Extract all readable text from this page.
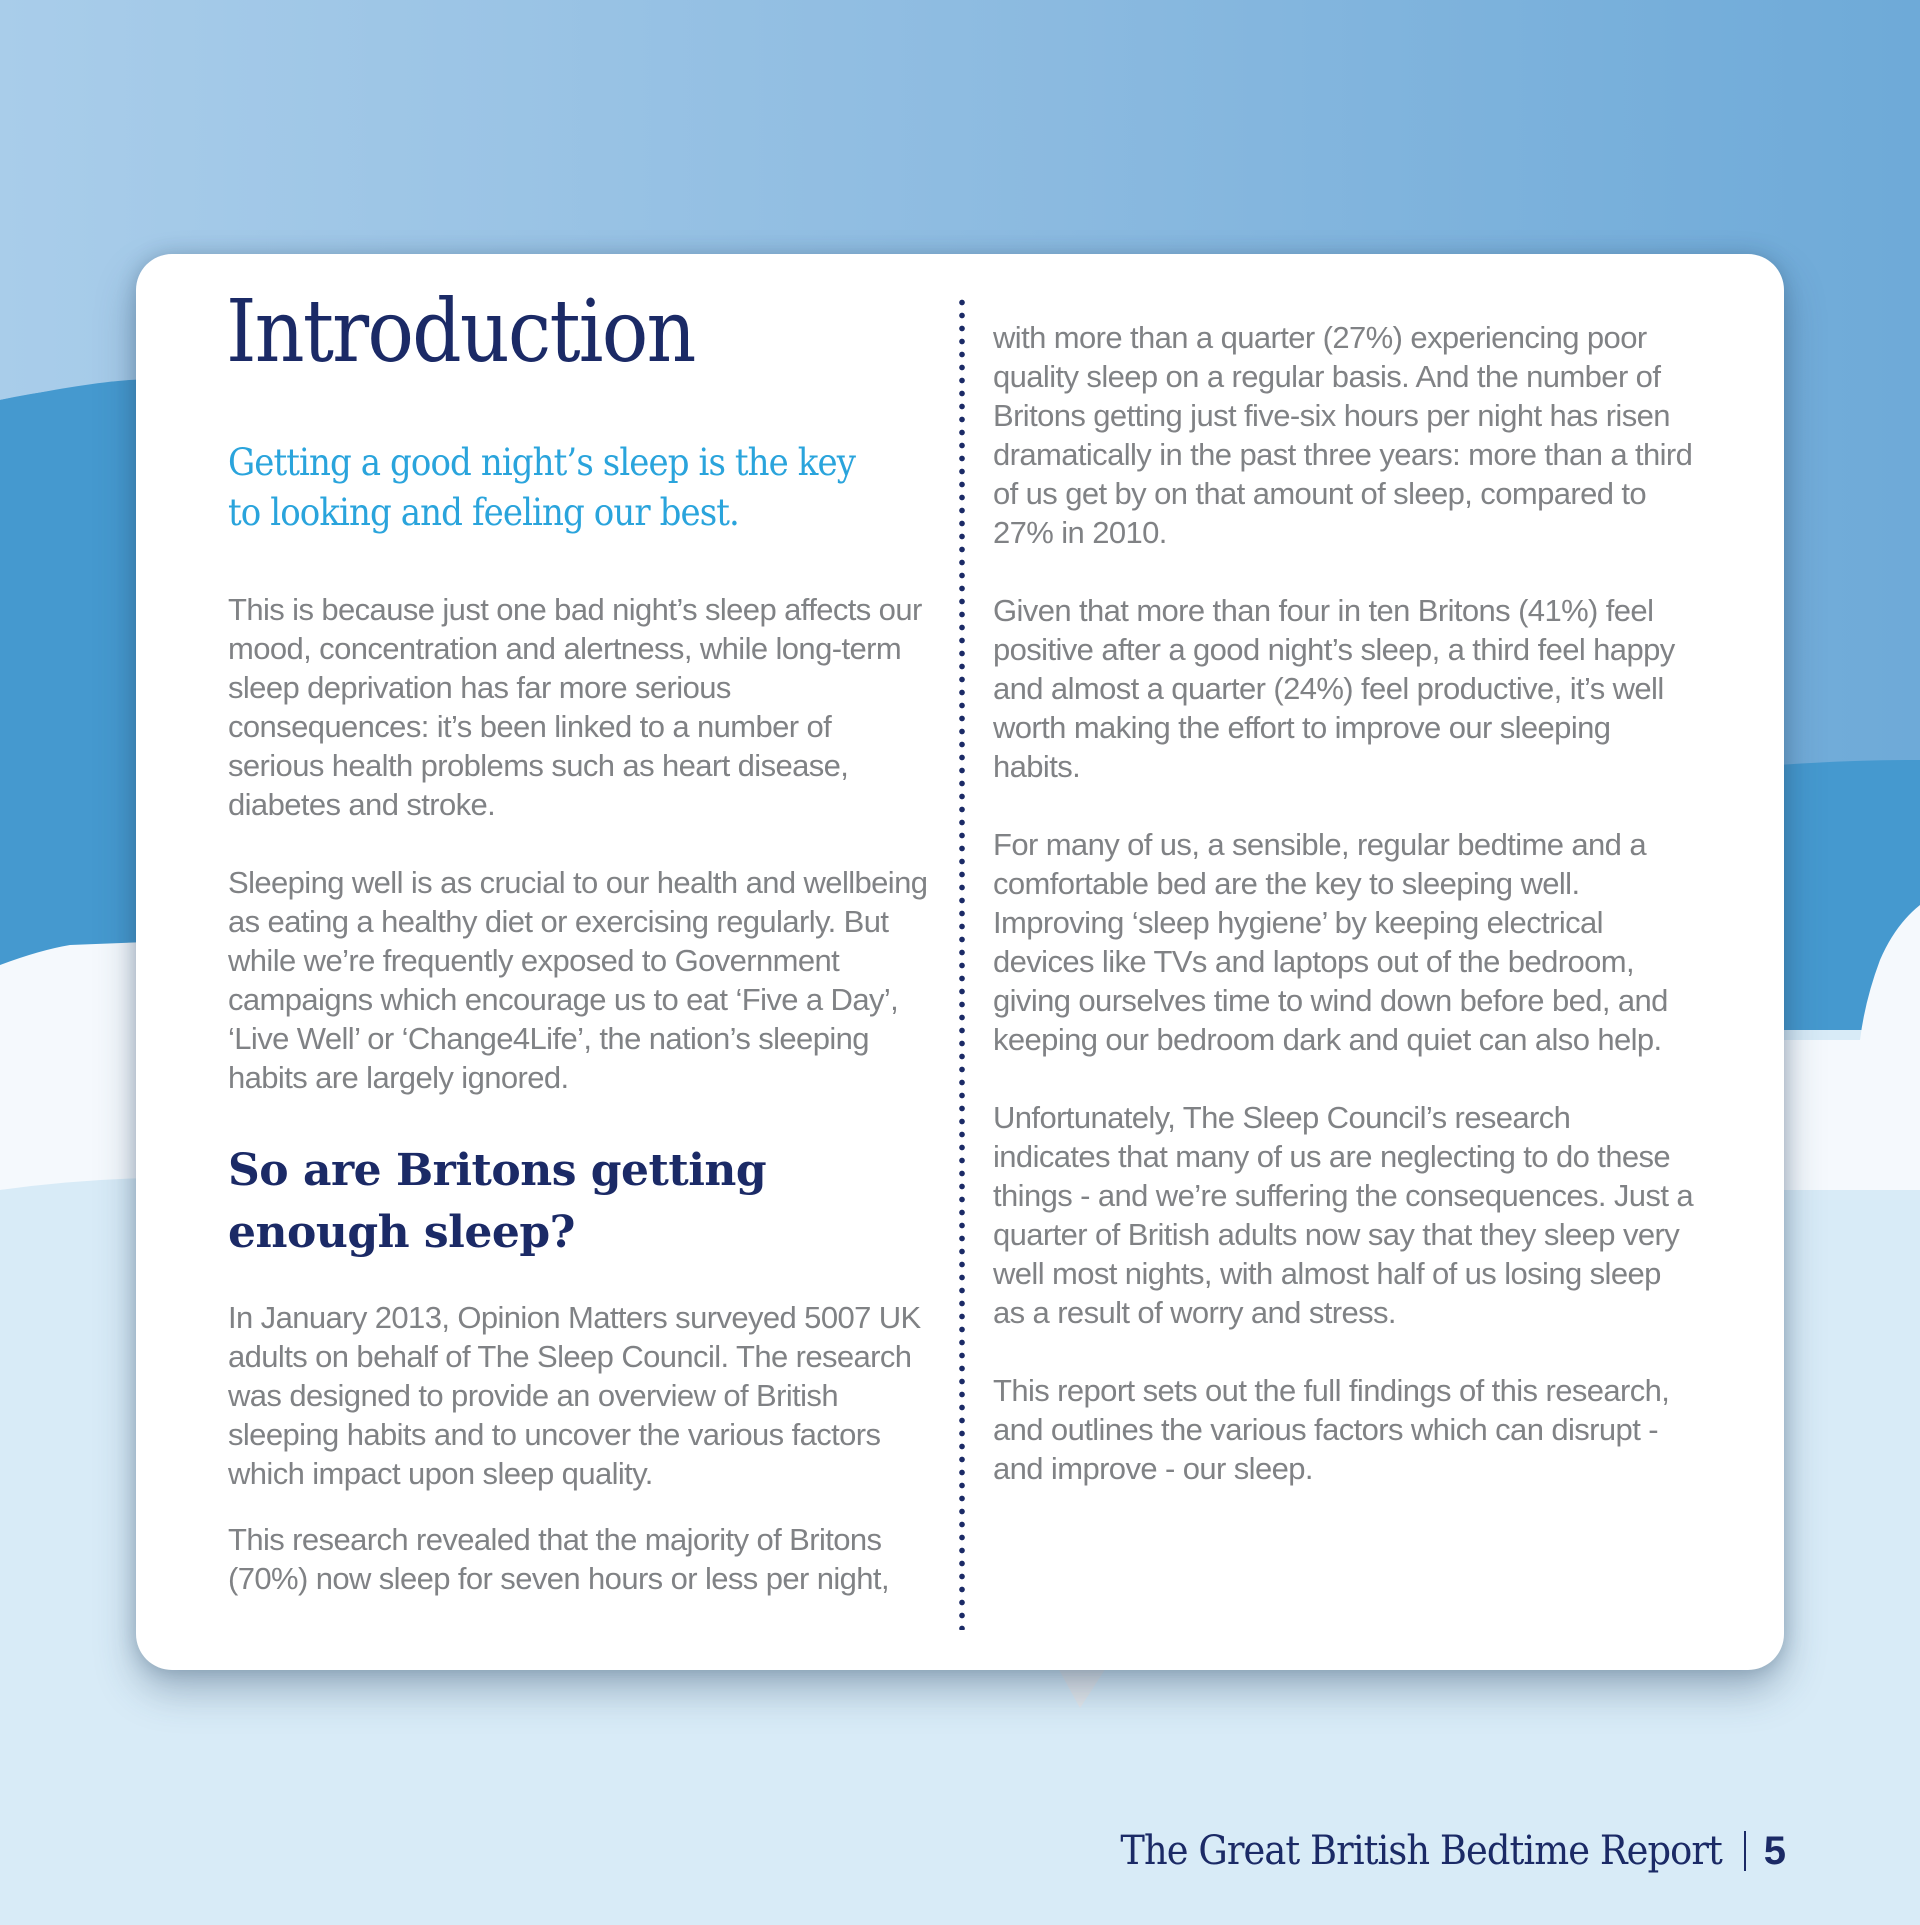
Introduction

Getting a good night’s sleep is the key to looking and feeling our best.

This is because just one bad night’s sleep affects our mood, concentration and alertness, while long-term sleep deprivation has far more serious consequences: it’s been linked to a number of serious health problems such as heart disease, diabetes and stroke.

Sleeping well is as crucial to our health and wellbeing as eating a healthy diet or exercising regularly. But while we’re frequently exposed to Government campaigns which encourage us to eat ‘Five a Day’, ‘Live Well’ or ‘Change4Life’, the nation’s sleeping habits are largely ignored.

So are Britons getting enough sleep?

In January 2013, Opinion Matters surveyed 5007 UK adults on behalf of The Sleep Council. The research was designed to provide an overview of British sleeping habits and to uncover the various factors which impact upon sleep quality.

This research revealed that the majority of Britons (70%) now sleep for seven hours or less per night,

with more than a quarter (27%) experiencing poor quality sleep on a regular basis. And the number of Britons getting just five-six hours per night has risen dramatically in the past three years: more than a third of us get by on that amount of sleep, compared to 27% in 2010.

Given that more than four in ten Britons (41%) feel positive after a good night’s sleep, a third feel happy and almost a quarter (24%) feel productive, it’s well worth making the effort to improve our sleeping habits.

For many of us, a sensible, regular bedtime and a comfortable bed are the key to sleeping well. Improving ‘sleep hygiene’ by keeping electrical devices like TVs and laptops out of the bedroom, giving ourselves time to wind down before bed, and keeping our bedroom dark and quiet can also help.

Unfortunately, The Sleep Council’s research indicates that many of us are neglecting to do these things - and we’re suffering the consequences. Just a quarter of British adults now say that they sleep very well most nights, with almost half of us losing sleep as a result of worry and stress.

This report sets out the full findings of this research, and outlines the various factors which can disrupt - and improve - our sleep.

The Great British Bedtime Report 5
